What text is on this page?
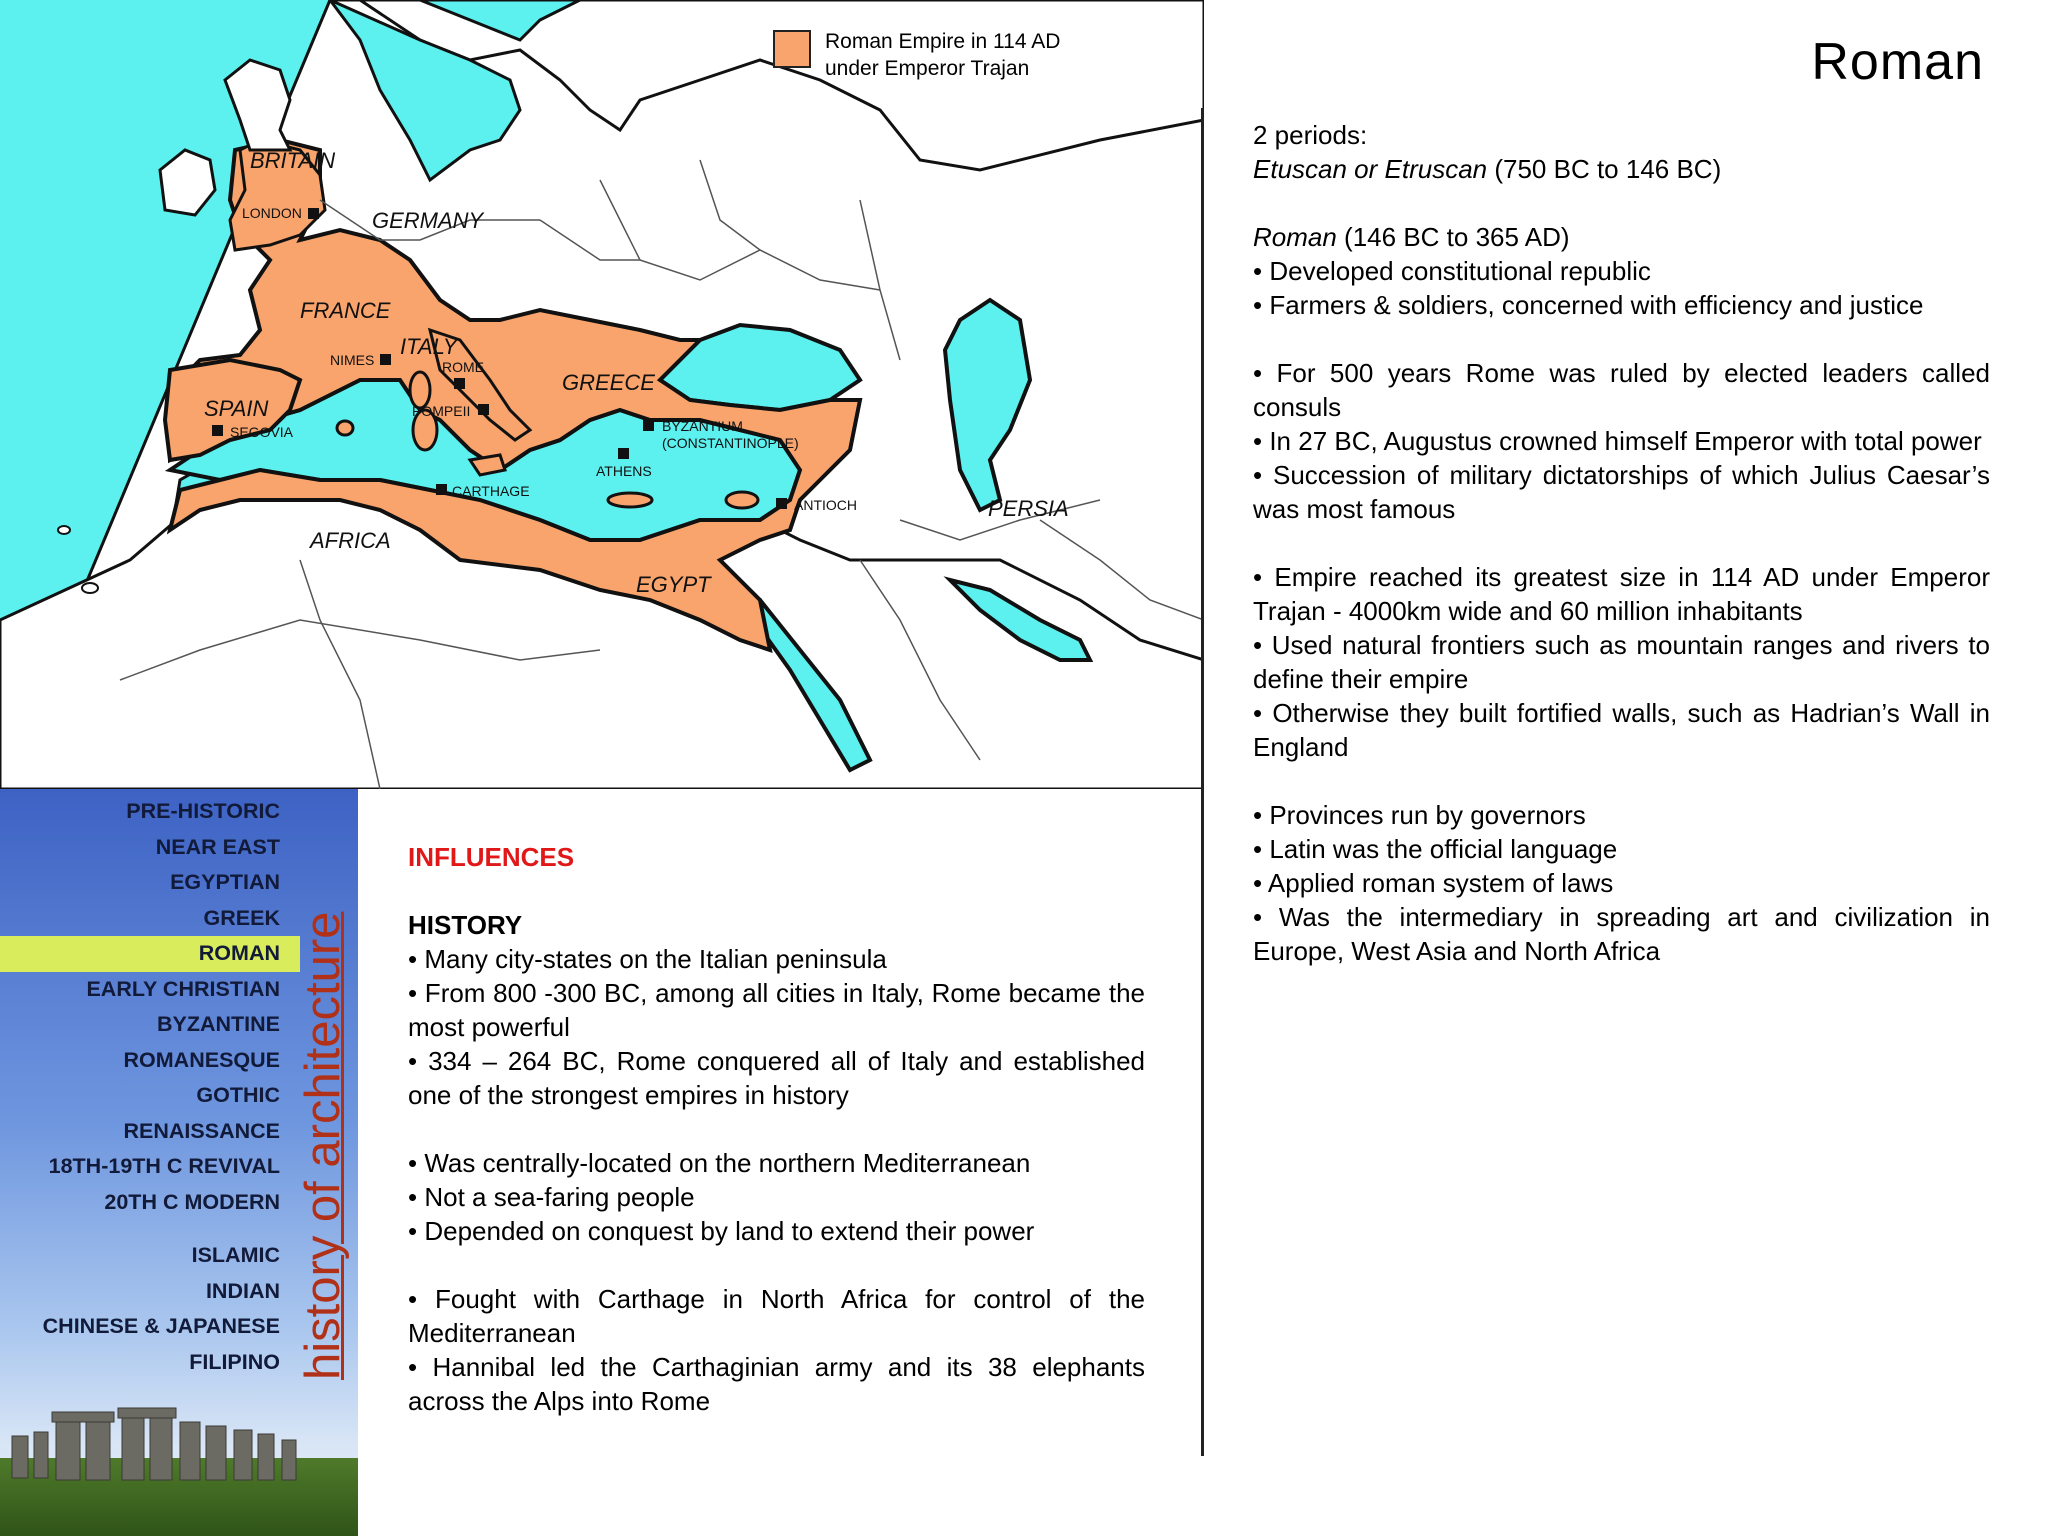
BRITAIN
GERMANY
FRANCE
ITALY
SPAIN
GREECE
AFRICA
EGYPT
PERSIA
LONDON
NIMES	ROME
POMPEII
SEGOVIA	BYZANTIUM
(CONSTANTINOPLE)
ATHENS
CARTHAGE
ANTIOCH
Roman Empire in 114 AD
under Emperor Trajan	Roman

2 periods:

Etuscan or Etruscan (750 BC to 146 BC)

Roman (146 BC to 365 AD)

• Developed constitutional republic

• Farmers & soldiers, concerned with efficiency and justice

• For 500 years Rome was ruled by elected leaders called consuls

• In 27 BC, Augustus crowned himself Emperor with total power

• Succession of military dictatorships of which Julius Caesar’s was most famous

• Empire reached its greatest size in 114 AD under Emperor Trajan - 4000km wide and 60 million inhabitants

• Used natural frontiers such as mountain ranges and rivers to define their empire

• Otherwise they built fortified walls, such as Hadrian’s Wall in England

• Provinces run by governors

• Latin was the official language

• Applied roman system of laws

• Was the intermediary in spreading art and civilization in Europe, West Asia and North Africa

PRE-HISTORIC
NEAR EAST
EGYPTIAN
GREEK
ROMAN
EARLY CHRISTIAN
BYZANTINE
ROMANESQUE
GOTHIC
RENAISSANCE
18TH-19TH C REVIVAL
20TH C MODERN
ISLAMIC
INDIAN
CHINESE & JAPANESE
FILIPINO history of architecture

INFLUENCES

HISTORY

• Many city-states on the Italian peninsula

• From 800 -300 BC, among all cities in Italy, Rome became the most powerful

• 334 – 264 BC, Rome conquered all of Italy and established one of the strongest empires in history

• Was centrally-located on the northern Mediterranean

• Not a sea-faring people

• Depended on conquest by land to extend their power

• Fought with Carthage in North Africa for control of the Mediterranean

• Hannibal led the Carthaginian army and its 38 elephants across the Alps into Rome
